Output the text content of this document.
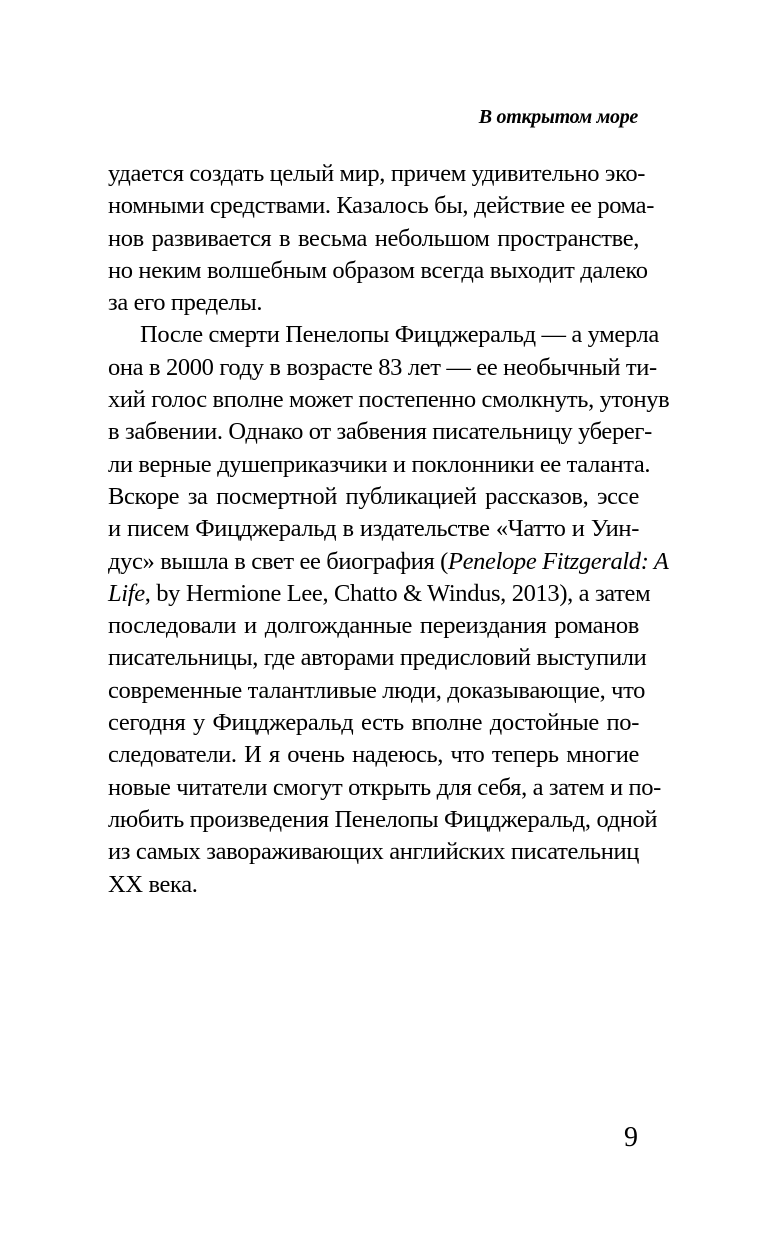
В открытом море
удается создать целый мир, причем удивительно эко-
номными средствами. Казалось бы, действие ее рома-
нов развивается в весьма небольшом пространстве,
но неким волшебным образом всегда выходит далеко
за его пределы.
После смерти Пенелопы Фицджеральд — а умерла
она в 2000 году в возрасте 83 лет — ее необычный ти-
хий голос вполне может постепенно смолкнуть, утонув
в забвении. Однако от забвения писательницу уберег-
ли верные душеприказчики и поклонники ее таланта.
Вскоре за посмертной публикацией рассказов, эссе
и писем Фицджеральд в издательстве «Чатто и Уин-
дус» вышла в свет ее биография (Penelope Fitzgerald: A
Life, by Hermione Lee, Chatto & Windus, 2013), а затем
последовали и долгожданные переиздания романов
писательницы, где авторами предисловий выступили
современные талантливые люди, доказывающие, что
сегодня у Фицджеральд есть вполне достойные по-
следователи. И я очень надеюсь, что теперь многие
новые читатели смогут открыть для себя, а затем и по-
любить произведения Пенелопы Фицджеральд, одной
из самых завораживающих английских писательниц
XX века.
9
